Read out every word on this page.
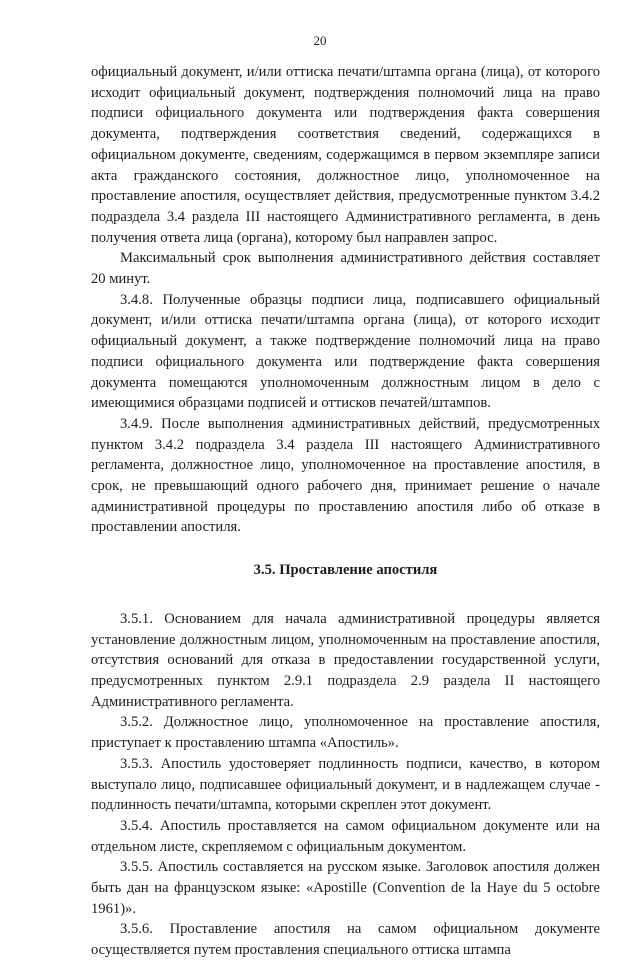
20

официальный документ, и/или оттиска печати/штампа органа (лица), от которого исходит официальный документ, подтверждения полномочий лица на право подписи официального документа или подтверждения факта совершения документа, подтверждения соответствия сведений, содержащихся в официальном документе, сведениям, содержащимся в первом экземпляре записи акта гражданского состояния, должностное лицо, уполномоченное на проставление апостиля, осуществляет действия, предусмотренные пунктом 3.4.2 подраздела 3.4 раздела III настоящего Административного регламента, в день получения ответа лица (органа), которому был направлен запрос.

Максимальный срок выполнения административного действия составляет 20 минут.

3.4.8. Полученные образцы подписи лица, подписавшего официальный документ, и/или оттиска печати/штампа органа (лица), от которого исходит официальный документ, а также подтверждение полномочий лица на право подписи официального документа или подтверждение факта совершения документа помещаются уполномоченным должностным лицом в дело с имеющимися образцами подписей и оттисков печатей/штампов.

3.4.9. После выполнения административных действий, предусмотренных пунктом 3.4.2 подраздела 3.4 раздела III настоящего Административного регламента, должностное лицо, уполномоченное на проставление апостиля, в срок, не превышающий одного рабочего дня, принимает решение о начале административной процедуры по проставлению апостиля либо об отказе в проставлении апостиля.

3.5. Проставление апостиля

3.5.1. Основанием для начала административной процедуры является установление должностным лицом, уполномоченным на проставление апостиля, отсутствия оснований для отказа в предоставлении государственной услуги, предусмотренных пунктом 2.9.1 подраздела 2.9 раздела II настоящего Административного регламента.

3.5.2. Должностное лицо, уполномоченное на проставление апостиля, приступает к проставлению штампа «Апостиль».

3.5.3. Апостиль удостоверяет подлинность подписи, качество, в котором выступало лицо, подписавшее официальный документ, и в надлежащем случае - подлинность печати/штампа, которыми скреплен этот документ.

3.5.4. Апостиль проставляется на самом официальном документе или на отдельном листе, скрепляемом с официальным документом.

3.5.5. Апостиль составляется на русском языке. Заголовок апостиля должен быть дан на французском языке: «Apostille (Convention de la Haye du 5 octobre 1961)».

3.5.6. Проставление апостиля на самом официальном документе осуществляется путем проставления специального оттиска штампа
